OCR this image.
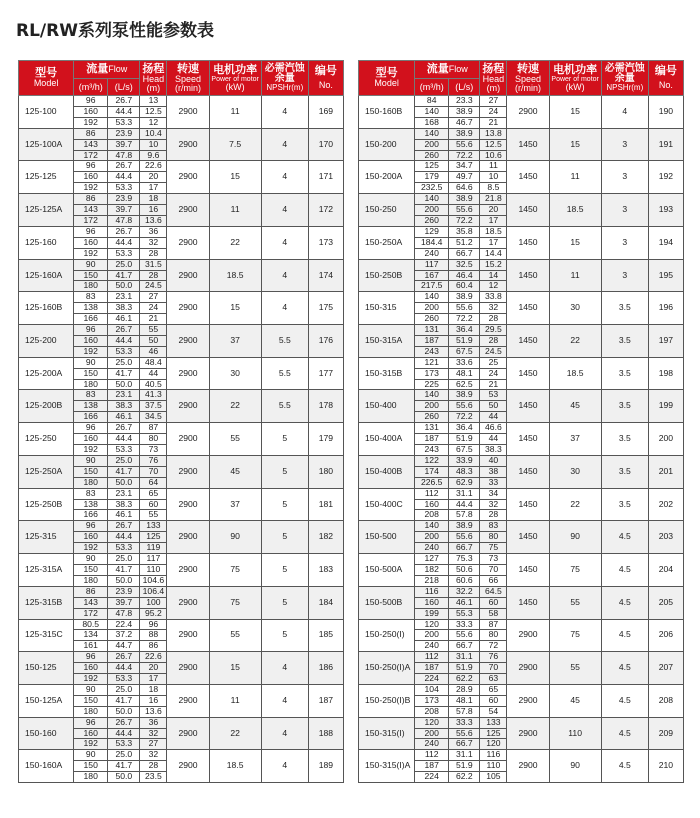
RL/RW系列泵性能参数表
型号
Model	流量Flow		扬程
Head
(m)	转速
Speed
(r/min)	电机功率
Power of motor
(kW)	必需汽蚀余量
NPSHr(m)	编号
No.

	(m³/h)	(L/s)					
125-100	96	26.7	13	2900	11	4	169
	160	44.4	12.5				
	192	53.3	12				
125-100A	86	23.9	10.4	2900	7.5	4	170
	143	39.7	10				
	172	47.8	9.6				
125-125	96	26.7	22.6	2900	15	4	171
	160	44.4	20				
	192	53.3	17				
125-125A	86	23.9	18	2900	11	4	172
	143	39.7	16				
	172	47.8	13.6				
125-160	96	26.7	36	2900	22	4	173
	160	44.4	32				
	192	53.3	28				
125-160A	90	25.0	31.5	2900	18.5	4	174
	150	41.7	28				
	180	50.0	24.5				
125-160B	83	23.1	27	2900	15	4	175
	138	38.3	24				
	166	46.1	21				
125-200	96	26.7	55	2900	37	5.5	176
	160	44.4	50				
	192	53.3	46				
125-200A	90	25.0	48.4	2900	30	5.5	177
	150	41.7	44				
	180	50.0	40.5				
125-200B	83	23.1	41.3	2900	22	5.5	178
	138	38.3	37.5				
	166	46.1	34.5				
125-250	96	26.7	87	2900	55	5	179
	160	44.4	80				
	192	53.3	73				
125-250A	90	25.0	76	2900	45	5	180
	150	41.7	70				
	180	50.0	64				
125-250B	83	23.1	65	2900	37	5	181
	138	38.3	60				
	166	46.1	55				
125-315	96	26.7	133	2900	90	5	182
	160	44.4	125				
	192	53.3	119				
125-315A	90	25.0	117	2900	75	5	183
	150	41.7	110				
	180	50.0	104.6				
125-315B	86	23.9	106.4	2900	75	5	184
	143	39.7	100				
	172	47.8	95.2				
125-315C	80.5	22.4	96	2900	55	5	185
	134	37.2	88				
	161	44.7	86				
150-125	96	26.7	22.6	2900	15	4	186
	160	44.4	20				
	192	53.3	17				
150-125A	90	25.0	18	2900	11	4	187
	150	41.7	16				
	180	50.0	13.6				
150-160	96	26.7	36	2900	22	4	188
	160	44.4	32				
	192	53.3	27				
150-160A	90	25.0	32	2900	18.5	4	189
	150	41.7	28				
	180	50.0	23.5				
型号
Model	流量Flow		扬程
Head
(m)	转速
Speed
(r/min)	电机功率
Power of motor
(kW)	必需汽蚀余量
NPSHr(m)	编号
No.

	(m³/h)	(L/s)					
150-160B	84	23.3	27	2900	15	4	190
	140	38.9	24				
	168	46.7	21				
150-200	140	38.9	13.8	1450	15	3	191
	200	55.6	12.5				
	260	72.2	10.6				
150-200A	125	34.7	11	1450	11	3	192
	179	49.7	10				
	232.5	64.6	8.5				
150-250	140	38.9	21.8	1450	18.5	3	193
	200	55.6	20				
	260	72.2	17				
150-250A	129	35.8	18.5	1450	15	3	194
	184.4	51.2	17				
	240	66.7	14.4				
150-250B	117	32.5	15.2	1450	11	3	195
	167	46.4	14				
	217.5	60.4	12				
150-315	140	38.9	33.8	1450	30	3.5	196
	200	55.6	32				
	260	72.2	28				
150-315A	131	36.4	29.5	1450	22	3.5	197
	187	51.9	28				
	243	67.5	24.5				
150-315B	121	33.6	25	1450	18.5	3.5	198
	173	48.1	24				
	225	62.5	21				
150-400	140	38.9	53	1450	45	3.5	199
	200	55.6	50				
	260	72.2	44				
150-400A	131	36.4	46.6	1450	37	3.5	200
	187	51.9	44				
	243	67.5	38.3				
150-400B	122	33.9	40	1450	30	3.5	201
	174	48.3	38				
	226.5	62.9	33				
150-400C	112	31.1	34	1450	22	3.5	202
	160	44.4	32				
	208	57.8	28				
150-500	140	38.9	83	1450	90	4.5	203
	200	55.6	80				
	240	66.7	75				
150-500A	127	75.3	73	1450	75	4.5	204
	182	50.6	70				
	218	60.6	66				
150-500B	116	32.2	64.5	1450	55	4.5	205
	160	46.1	60				
	199	55.3	58				
150-250(I)	120	33.3	87	2900	75	4.5	206
	200	55.6	80				
	240	66.7	72				
150-250(I)A	112	31.1	76	2900	55	4.5	207
	187	51.9	70				
	224	62.2	63				
150-250(I)B	104	28.9	65	2900	45	4.5	208
	173	48.1	60				
	208	57.8	54				
150-315(I)	120	33.3	133	2900	110	4.5	209
	200	55.6	125				
	240	66.7	120				
150-315(I)A	112	31.1	116	2900	90	4.5	210
	187	51.9	110				
	224	62.2	105				
